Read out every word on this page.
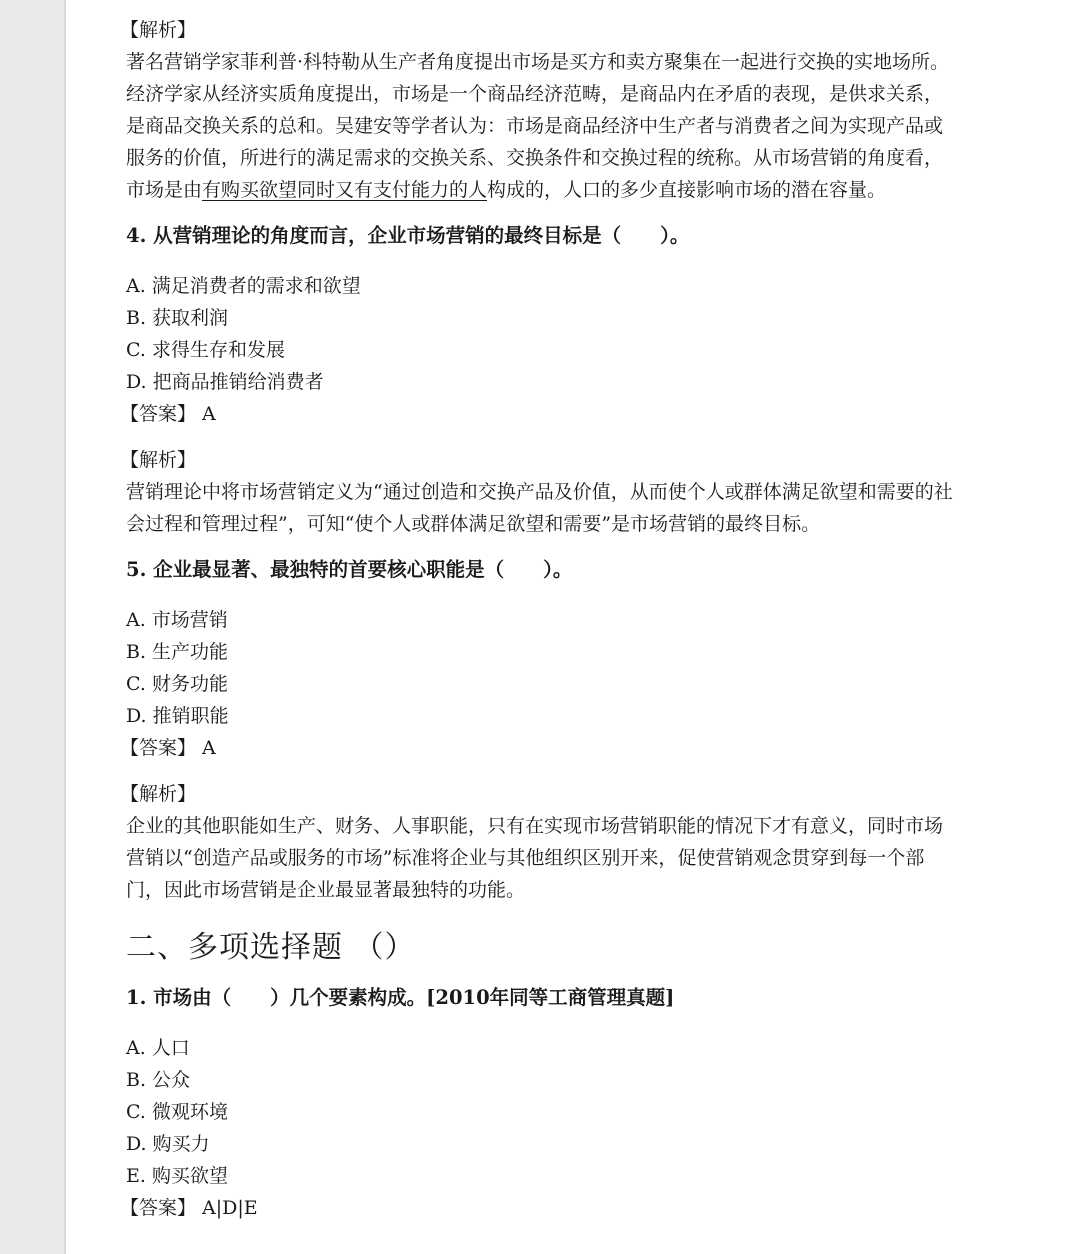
【解析】

著名营销学家菲利普·科特勒从生产者角度提出市场是买方和卖方聚集在一起进行交换的实地场所。

经济学家从经济实质角度提出，市场是一个商品经济范畴，是商品内在矛盾的表现，是供求关系，

是商品交换关系的总和。吴建安等学者认为：市场是商品经济中生产者与消费者之间为实现产品或

服务的价值，所进行的满足需求的交换关系、交换条件和交换过程的统称。从市场营销的角度看，

市场是由有购买欲望同时又有支付能力的人构成的，人口的多少直接影响市场的潜在容量。

4. 从营销理论的角度而言，企业市场营销的最终目标是（　　）。
A. 满足消费者的需求和欲望
B. 获取利润
C. 求得生存和发展
D. 把商品推销给消费者
【答案】 A
【解析】

营销理论中将市场营销定义为“通过创造和交换产品及价值，从而使个人或群体满足欲望和需要的社

会过程和管理过程”，可知“使个人或群体满足欲望和需要”是市场营销的最终目标。

5. 企业最显著、最独特的首要核心职能是（　　）。
A. 市场营销
B. 生产功能
C. 财务功能
D. 推销职能
【答案】 A
【解析】

企业的其他职能如生产、财务、人事职能，只有在实现市场营销职能的情况下才有意义，同时市场

营销以“创造产品或服务的市场”标准将企业与其他组织区别开来，促使营销观念贯穿到每一个部

门，因此市场营销是企业最显著最独特的功能。

二、多项选择题 （）
1. 市场由（　　）几个要素构成。[2010年同等工商管理真题]
A. 人口
B. 公众
C. 微观环境
D. 购买力
E. 购买欲望
【答案】 A|D|E
